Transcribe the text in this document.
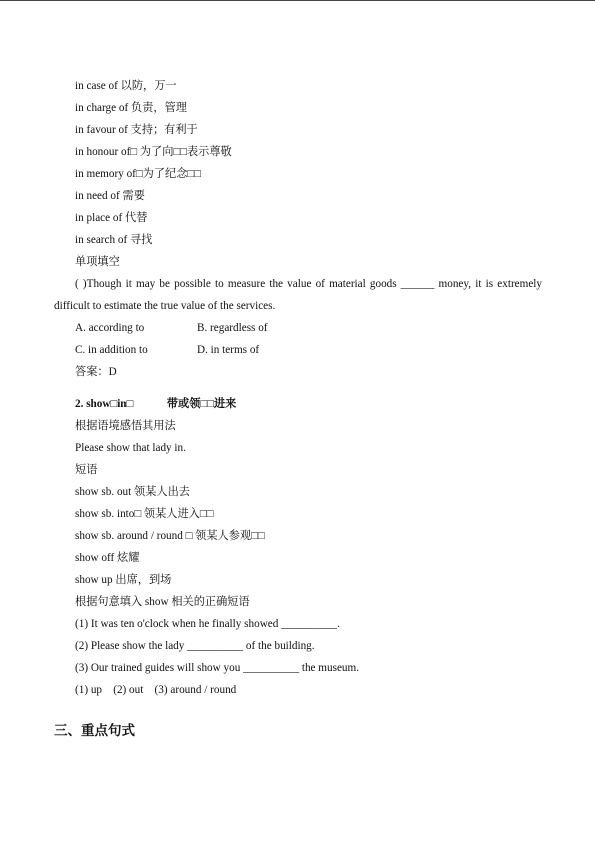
in case of 以防，万一
in charge of 负责，管理
in favour of 支持；有利于
in honour of□ 为了向□□表示尊敬
in memory of□为了纪念□□
in need of 需要
in place of 代替
in search of 寻找
单项填空
( )Though it may be possible to measure the value of material goods ______ money, it is extremely difficult to estimate the true value of the services.
A. according to	B. regardless of
C. in addition to	D. in terms of
答案：D
2. show□in□            带或领□□进来
根据语境感悟其用法
Please show that lady in.
短语
show sb. out 领某人出去
show sb. into□ 领某人进入□□
show sb. around / round □ 领某人参观□□
show off 炫耀
show up 出席，到场
根据句意填入 show 相关的正确短语
(1) It was ten o'clock when he finally showed __________.
(2) Please show the lady __________ of the building.
(3) Our trained guides will show you __________ the museum.
(1) up    (2) out    (3) around / round
三、重点句式
